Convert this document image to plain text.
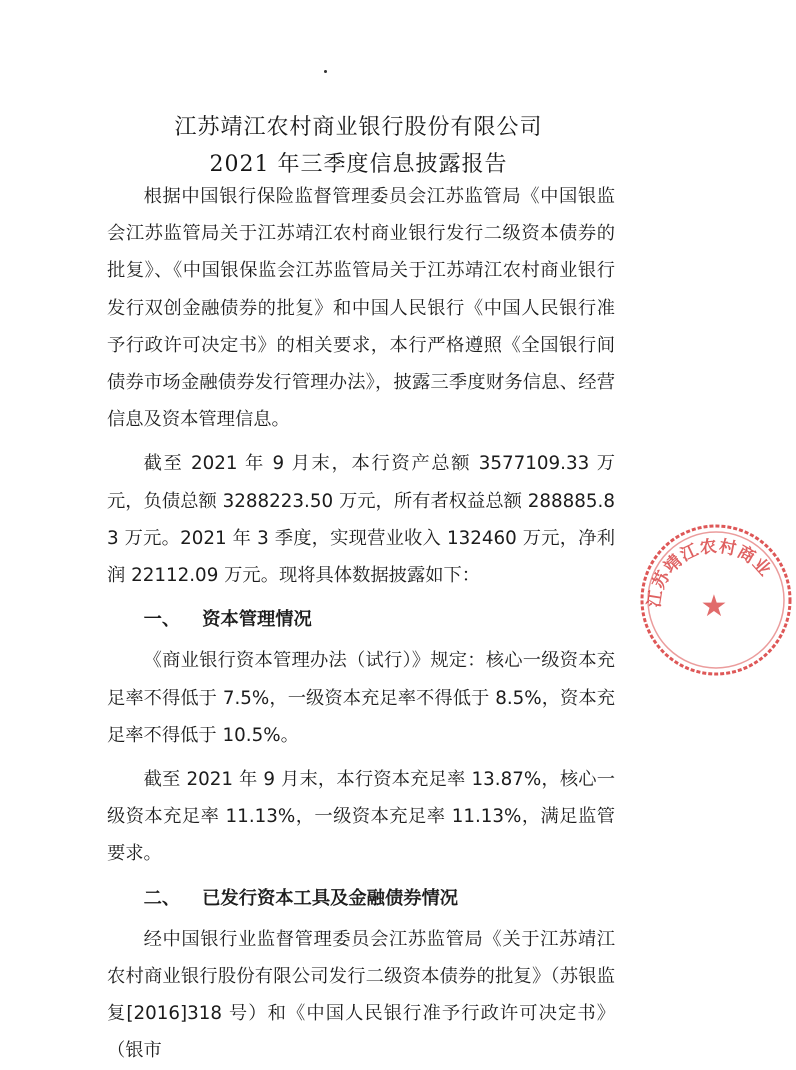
江苏靖江农村商业银行股份有限公司
2021 年三季度信息披露报告

根据中国银行保险监督管理委员会江苏监管局《中国银监会江苏监管局关于江苏靖江农村商业银行发行二级资本债券的批复》、《中国银保监会江苏监管局关于江苏靖江农村商业银行发行双创金融债券的批复》和中国人民银行《中国人民银行准予行政许可决定书》的相关要求，本行严格遵照《全国银行间债券市场金融债券发行管理办法》，披露三季度财务信息、经营信息及资本管理信息。

截至 2021 年 9 月末，本行资产总额 3577109.33 万元，负债总额 3288223.50 万元，所有者权益总额 288885.83 万元。2021 年 3 季度，实现营业收入 132460 万元，净利润 22112.09 万元。现将具体数据披露如下：

一、 资本管理情况

《商业银行资本管理办法（试行）》规定：核心一级资本充足率不得低于 7.5%，一级资本充足率不得低于 8.5%，资本充足率不得低于 10.5%。

截至 2021 年 9 月末，本行资本充足率 13.87%，核心一级资本充足率 11.13%，一级资本充足率 11.13%，满足监管要求。

二、 已发行资本工具及金融债券情况

经中国银行业监督管理委员会江苏监管局《关于江苏靖江农村商业银行股份有限公司发行二级资本债券的批复》（苏银监复[2016]318 号）和《中国人民银行准予行政许可决定书》（银市

江苏靖江农村商业
★
